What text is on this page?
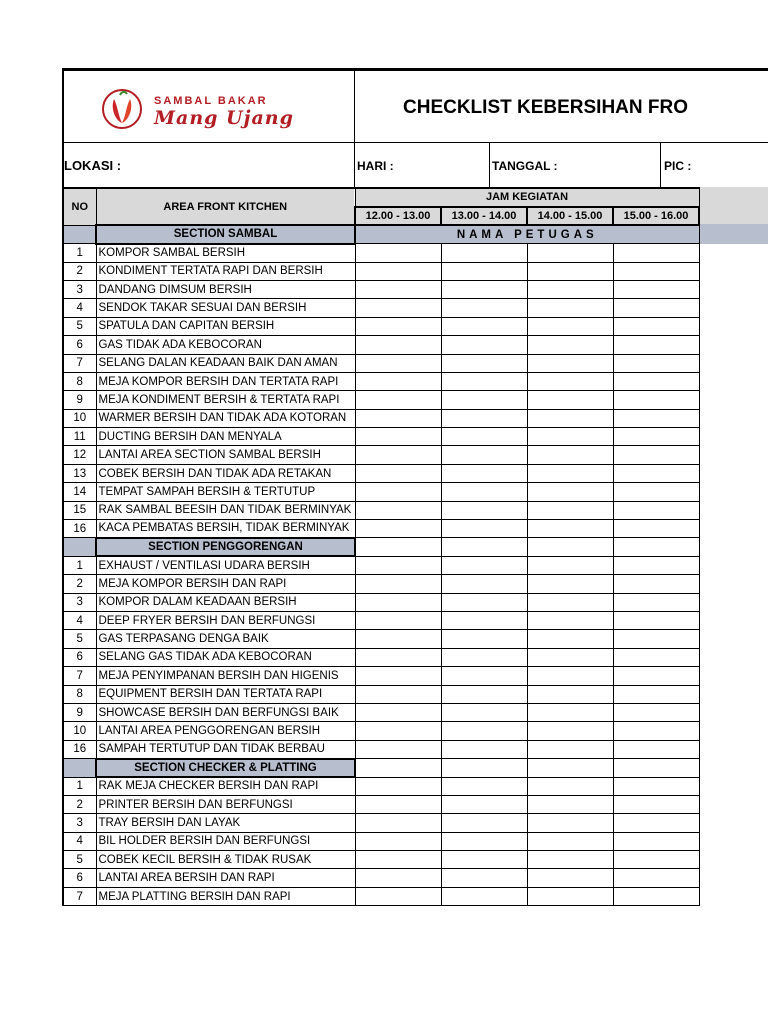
SAMBAL BAKAR
Mang Ujang	CHECKLIST KEBERSIHAN FRO
LOKASI :	HARI :	TANGGAL :	PIC :
NO	AREA FRONT KITCHEN	JAM KEGIATAN			
		12.00 - 13.00	13.00 - 14.00	14.00 - 15.00	15.00 - 16.00
	SECTION SAMBAL	NAMA PETUGAS			
1	KOMPOR SAMBAL BERSIH				
2	KONDIMENT TERTATA RAPI DAN BERSIH				
3	DANDANG DIMSUM BERSIH				
4	SENDOK TAKAR SESUAI DAN BERSIH				
5	SPATULA DAN CAPITAN BERSIH				
6	GAS TIDAK ADA KEBOCORAN				
7	SELANG DALAN KEADAAN BAIK DAN AMAN				
8	MEJA KOMPOR BERSIH DAN TERTATA RAPI				
9	MEJA KONDIMENT BERSIH & TERTATA RAPI				
10	WARMER BERSIH DAN TIDAK ADA KOTORAN				
11	DUCTING BERSIH DAN MENYALA				
12	LANTAI AREA SECTION SAMBAL BERSIH				
13	COBEK BERSIH DAN TIDAK ADA RETAKAN				
14	TEMPAT SAMPAH BERSIH & TERTUTUP				
15	RAK SAMBAL BEESIH DAN TIDAK BERMINYAK				
16	KACA PEMBATAS BERSIH, TIDAK BERMINYAK				
	SECTION PENGGORENGAN				
1	EXHAUST / VENTILASI UDARA BERSIH				
2	MEJA KOMPOR BERSIH DAN RAPI				
3	KOMPOR DALAM KEADAAN BERSIH				
4	DEEP FRYER BERSIH DAN BERFUNGSI				
5	GAS TERPASANG DENGA BAIK				
6	SELANG GAS TIDAK ADA KEBOCORAN				
7	MEJA PENYIMPANAN BERSIH DAN HIGENIS				
8	EQUIPMENT BERSIH DAN TERTATA RAPI				
9	SHOWCASE BERSIH DAN BERFUNGSI BAIK				
10	LANTAI AREA PENGGORENGAN BERSIH				
16	SAMPAH TERTUTUP DAN TIDAK BERBAU				
	SECTION CHECKER & PLATTING				
1	RAK MEJA CHECKER BERSIH DAN RAPI				
2	PRINTER BERSIH DAN BERFUNGSI				
3	TRAY BERSIH DAN LAYAK				
4	BIL HOLDER BERSIH DAN BERFUNGSI				
5	COBEK KECIL BERSIH & TIDAK RUSAK				
6	LANTAI AREA BERSIH DAN RAPI				
7	MEJA PLATTING BERSIH DAN RAPI				
